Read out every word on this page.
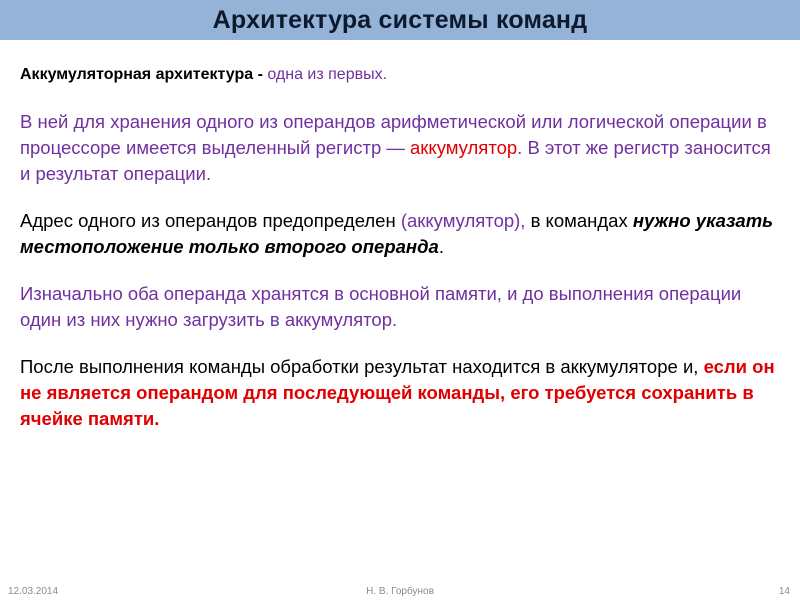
Архитектура системы команд

Аккумуляторная архитектура - одна из первых.

В ней для хранения одного из операндов арифметической или логической операции в процессоре имеется выделенный регистр — аккумулятор. В этот же регистр заносится и результат операции.

Адрес одного из операндов предопределен (аккумулятор), в командах нужно указать местоположение только второго операнда.

Изначально оба операнда хранятся в основной памяти, и до выполнения операции один из них нужно загрузить в аккумулятор.

После выполнения команды обработки результат находится в аккумуляторе и, если он не является операндом для последующей команды, его требуется сохранить в ячейке памяти.

12.03.2014	Н. В. Горбунов	14
